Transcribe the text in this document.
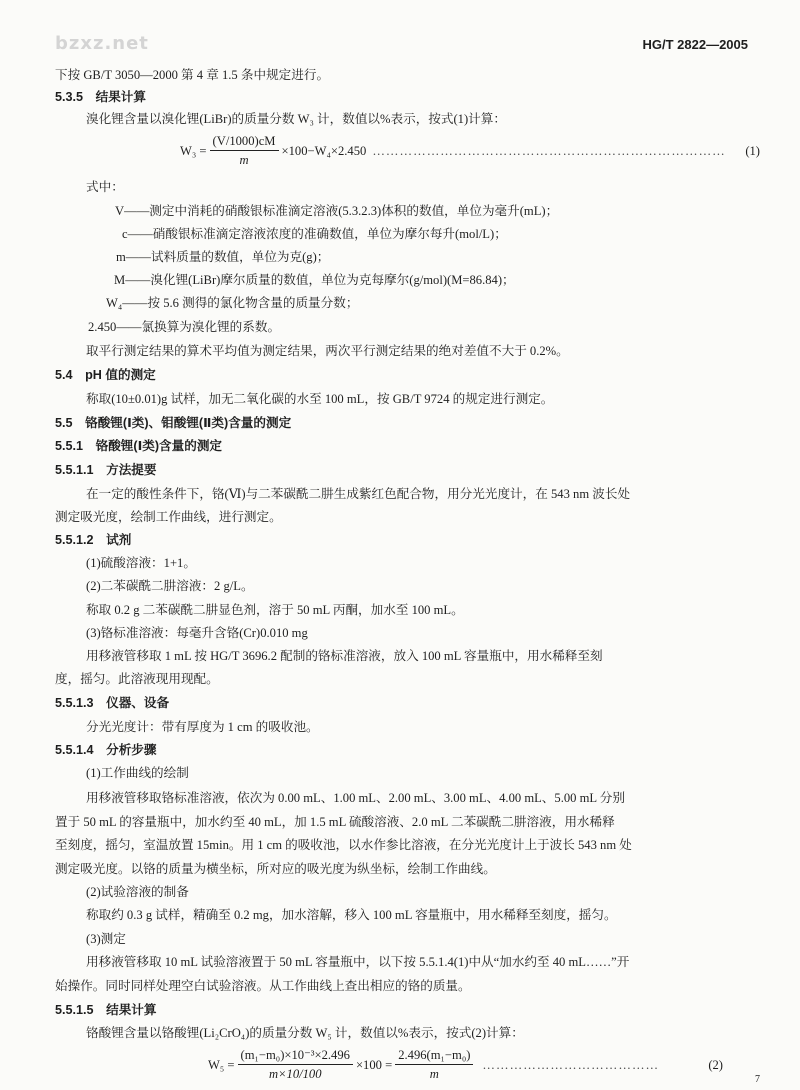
bzxz.net	HG/T 2822—2005
下按 GB/T 3050—2000 第 4 章 1.5 条中规定进行。
5.3.5　结果计算
溴化锂含量以溴化锂(LiBr)的质量分数 W₃ 计，数值以%表示，按式(1)计算：
$W_3 = \frac{(V/1000)cM}{m} \times 100-W_4\times 2.450$ ……………………………………………………………………	(1)
式中：
V——测定中消耗的硝酸银标准滴定溶液(5.3.2.3)体积的数值，单位为毫升(mL)；
c——硝酸银标准滴定溶液浓度的准确数值，单位为摩尔每升(mol/L)；
m——试料质量的数值，单位为克(g)；
M——溴化锂(LiBr)摩尔质量的数值，单位为克每摩尔(g/mol)(M=86.84)；
W₄——按 5.6 测得的氯化物含量的质量分数；
2.450——氯换算为溴化锂的系数。
取平行测定结果的算术平均值为测定结果，两次平行测定结果的绝对差值不大于 0.2%。
5.4　pH 值的测定
称取(10±0.01)g 试样，加无二氧化碳的水至 100 mL，按 GB/T 9724 的规定进行测定。
5.5　铬酸锂(Ⅰ类)、钼酸锂(Ⅱ类)含量的测定
5.5.1　铬酸锂(Ⅰ类)含量的测定
5.5.1.1　方法提要
在一定的酸性条件下，铬(Ⅵ)与二苯碳酰二肼生成紫红色配合物，用分光光度计，在 543 nm 波长处
测定吸光度，绘制工作曲线，进行测定。
5.5.1.2　试剂
(1)硫酸溶液：1+1。
(2)二苯碳酰二肼溶液：2 g/L。
称取 0.2 g 二苯碳酰二肼显色剂，溶于 50 mL 丙酮，加水至 100 mL。
(3)铬标准溶液：每毫升含铬(Cr)0.010 mg
用移液管移取 1 mL 按 HG/T 3696.2 配制的铬标准溶液，放入 100 mL 容量瓶中，用水稀释至刻
度，摇匀。此溶液现用现配。
5.5.1.3　仪器、设备
分光光度计：带有厚度为 1 cm 的吸收池。
5.5.1.4　分析步骤
(1)工作曲线的绘制
用移液管移取铬标准溶液，依次为 0.00 mL、1.00 mL、2.00 mL、3.00 mL、4.00 mL、5.00 mL 分别
置于 50 mL 的容量瓶中，加水约至 40 mL，加 1.5 mL 硫酸溶液、2.0 mL 二苯碳酰二肼溶液，用水稀释
至刻度，摇匀，室温放置 15min。用 1 cm 的吸收池，以水作参比溶液，在分光光度计上于波长 543 nm 处
测定吸光度。以铬的质量为横坐标，所对应的吸光度为纵坐标，绘制工作曲线。
(2)试验溶液的制备
称取约 0.3 g 试样，精确至 0.2 mg，加水溶解，移入 100 mL 容量瓶中，用水稀释至刻度，摇匀。
(3)测定
用移液管移取 10 mL 试验溶液置于 50 mL 容量瓶中，以下按 5.5.1.4(1)中从“加水约至 40 mL……”开
始操作。同时同样处理空白试验溶液。从工作曲线上查出相应的铬的质量。
5.5.1.5　结果计算
铬酸锂含量以铬酸锂(Li₂CrO₄)的质量分数 W₅ 计，数值以%表示，按式(2)计算：
$W_5 = \frac{\text{(m₁−m₀)×10⁻³×2.496}}{m\times 10/100} \times 100 = \frac{\text{2.496(m₁−m₀)}}{m}$ …………………………………	(2)
7
